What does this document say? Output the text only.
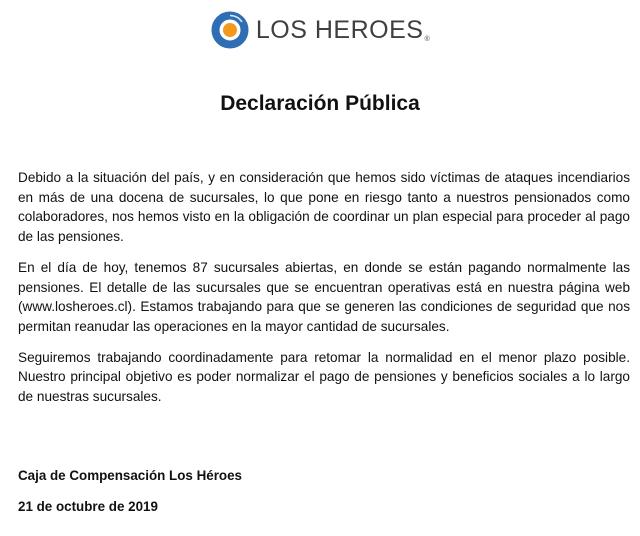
LOS HEROES®
Declaración Pública

Debido a la situación del país, y en consideración que hemos sido víctimas de ataques incendiarios en más de una docena de sucursales, lo que pone en riesgo tanto a nuestros pensionados como colaboradores, nos hemos visto en la obligación de coordinar un plan especial para proceder al pago de las pensiones.

En el día de hoy, tenemos 87 sucursales abiertas, en donde se están pagando normalmente las pensiones. El detalle de las sucursales que se encuentran operativas está en nuestra página web (www.losheroes.cl). Estamos trabajando para que se generen las condiciones de seguridad que nos permitan reanudar las operaciones en la mayor cantidad de sucursales.

Seguiremos trabajando coordinadamente para retomar la normalidad en el menor plazo posible. Nuestro principal objetivo es poder normalizar el pago de pensiones y beneficios sociales a lo largo de nuestras sucursales.

Caja de Compensación Los Héroes

21 de octubre de 2019
